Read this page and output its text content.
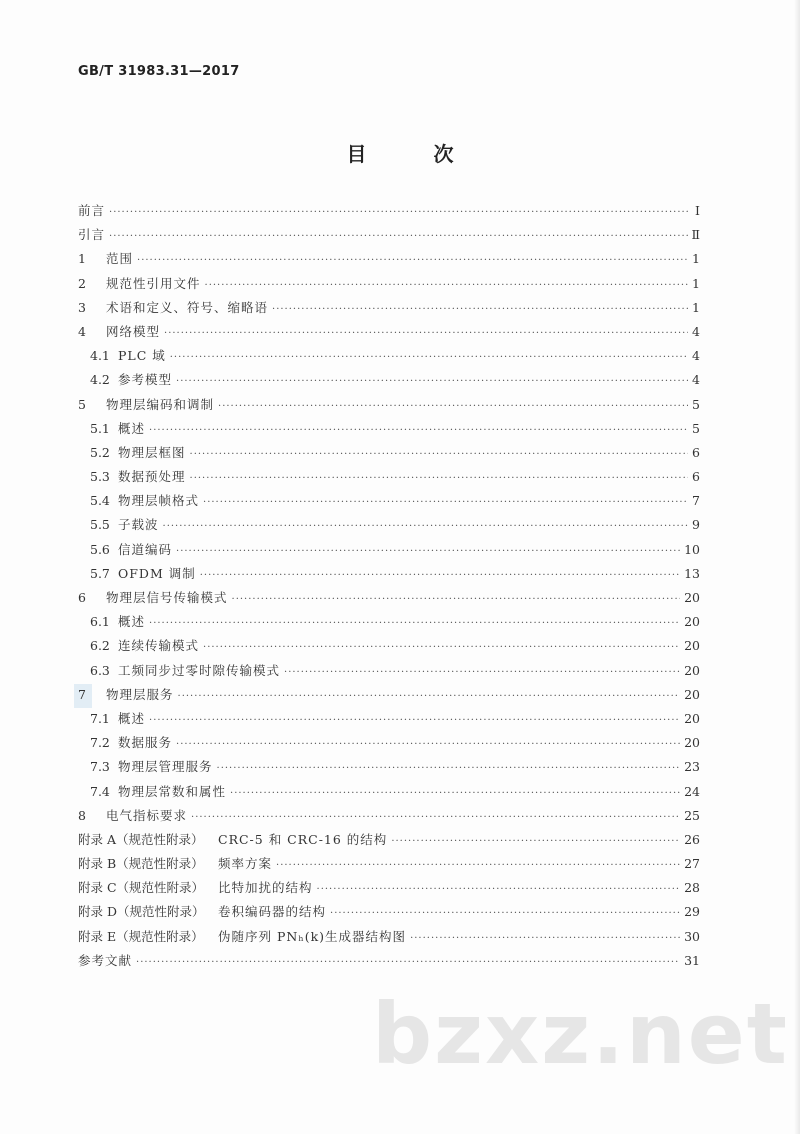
GB/T 31983.31—2017
目 次
前言 ·····	Ⅰ
引言 ·····	Ⅱ
1	范围 ·····	1
2	规范性引用文件 ·····	1
3	术语和定义、符号、缩略语 ·····	1
4	网络模型 ·····	4
4.1 PLC 域 ·····	4
4.2 参考模型 ·····	4
5	物理层编码和调制 ·····	5
5.1 概述 ·····	5
5.2 物理层框图 ·····	6
5.3 数据预处理 ·····	6
5.4 物理层帧格式 ·····	7
5.5 子载波 ·····	9
5.6 信道编码 ·····	10
5.7 OFDM 调制 ·····	13
6	物理层信号传输模式 ·····	20
6.1 概述 ·····	20
6.2 连续传输模式 ·····	20
6.3 工频同步过零时隙传输模式 ·····	20
7	物理层服务 ·····	20
7.1 概述 ·····	20
7.2 数据服务 ·····	20
7.3 物理层管理服务 ·····	23
7.4 物理层常数和属性 ·····	24
8	电气指标要求 ·····	25
附录 A（规范性附录）	CRC-5 和 CRC-16 的结构 ·····	26
附录 B（规范性附录）	频率方案 ·····	27
附录 C（规范性附录）	比特加扰的结构 ·····	28
附录 D（规范性附录）	卷积编码器的结构 ·····	29
附录 E（规范性附录）	伪随序列 PNₕ(k)生成器结构图 ·····	30
参考文献 ·····	31
bzxz.net
